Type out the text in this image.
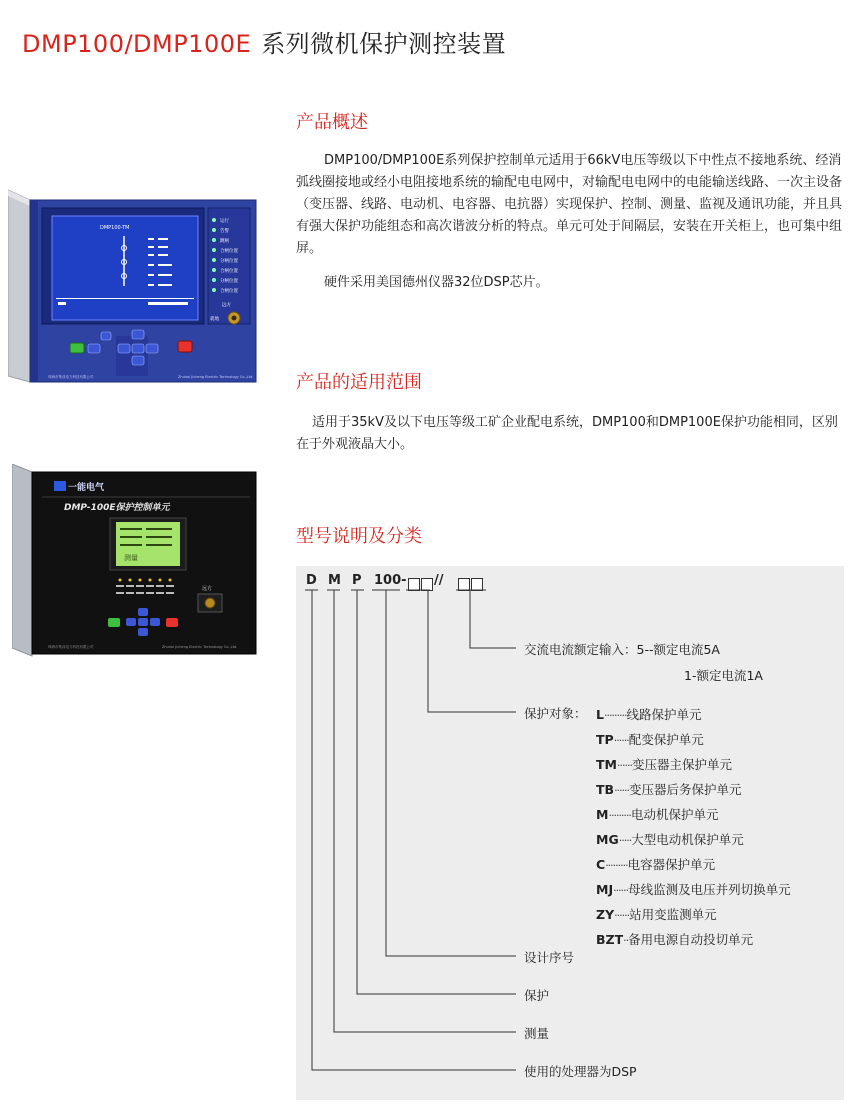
DMP100/DMP100E 系列微机保护测控装置
DMP100-TM
运行
告警
跳闸
合闸位置
分闸位置
合闸位置
分闸位置
合闸位置
远方
就地
珠海市集成电力科技有限公司	Zhuhai Jicheng Electric Technology Co.,Ltd.
一能电气
DMP-100E保护控制单元
测量
远方
珠海市集成电力科技有限公司	Zhuhai Jicheng Electric Technology Co.,Ltd.
产品概述
DMP100/DMP100E系列保护控制单元适用于66kV电压等级以下中性点不接地系统、经消弧线圈接地或经小电阻接地系统的输配电电网中，对输配电电网中的电能输送线路、一次主设备（变压器、线路、电动机、电容器、电抗器）实现保护、控制、测量、监视及通讯功能，并且具有强大保护功能组态和高次谐波分析的特点。单元可处于间隔层，安装在开关柜上，也可集中组屏。
硬件采用美国德州仪器32位DSP芯片。
产品的适用范围
适用于35kV及以下电压等级工矿企业配电系统，DMP100和DMP100E保护功能相同，区别在于外观液晶大小。
型号说明及分类
D M P 100- //
交流电流额定输入：5--额定电流5A
1-额定电流1A
保护对象： L·········线路保护单元
TP······配变保护单元
TM······变压器主保护单元
TB······变压器后务保护单元
M·········电动机保护单元
MG·····大型电动机保护单元
C·········电容器保护单元
MJ······母线监测及电压并列切换单元
ZY······站用变监测单元
BZT··备用电源自动投切单元
设计序号
保护
测量
使用的处理器为DSP
